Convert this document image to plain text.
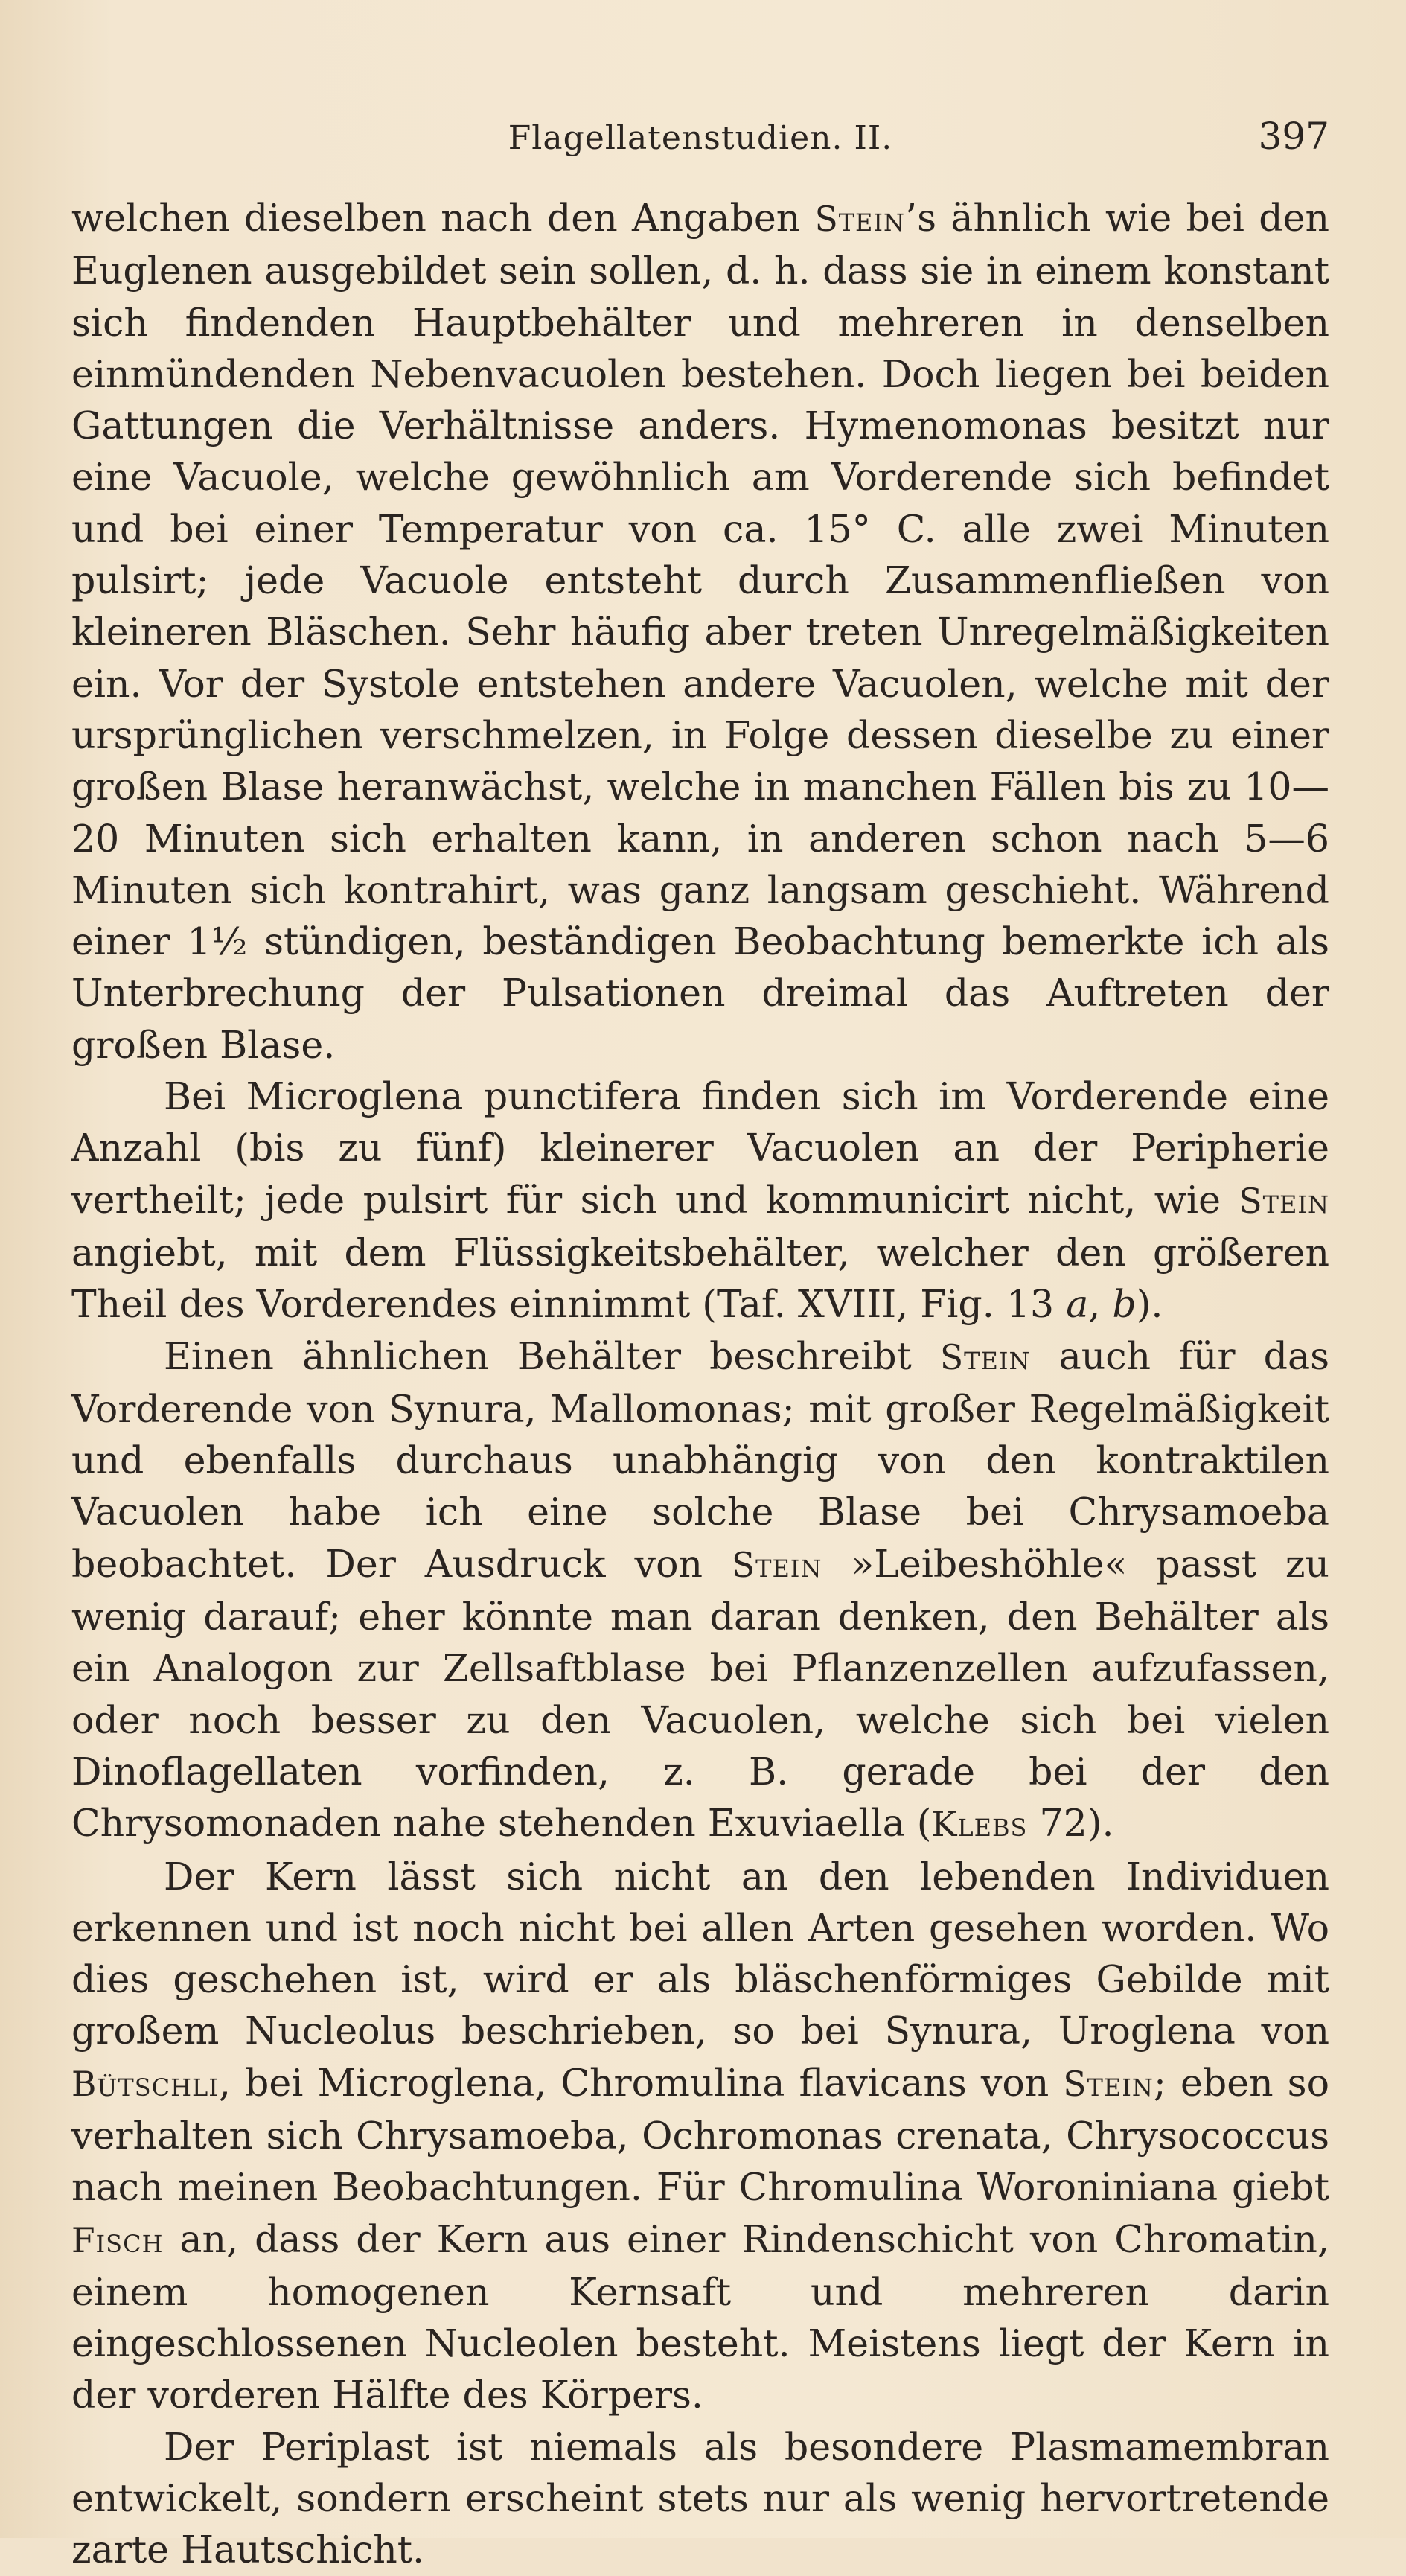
Flagellatenstudien. II.	397

welchen dieselben nach den Angaben Stein’s ähnlich wie bei den Euglenen ausgebildet sein sollen, d. h. dass sie in einem konstant sich findenden Hauptbehälter und mehreren in denselben einmündenden Nebenvacuolen bestehen. Doch liegen bei beiden Gattungen die Verhältnisse anders. Hymenomonas besitzt nur eine Vacuole, welche gewöhnlich am Vorderende sich befindet und bei einer Temperatur von ca. 15° C. alle zwei Minuten pulsirt; jede Vacuole entsteht durch Zusammenfließen von kleineren Bläschen. Sehr häufig aber treten Unregelmäßigkeiten ein. Vor der Systole entstehen andere Vacuolen, welche mit der ursprünglichen verschmelzen, in Folge dessen dieselbe zu einer großen Blase heranwächst, welche in manchen Fällen bis zu 10—20 Minuten sich erhalten kann, in anderen schon nach 5—6 Minuten sich kontrahirt, was ganz langsam geschieht. Während einer 1½ stündigen, beständigen Beobachtung bemerkte ich als Unterbrechung der Pulsationen dreimal das Auftreten der großen Blase.

Bei Microglena punctifera finden sich im Vorderende eine Anzahl (bis zu fünf) kleinerer Vacuolen an der Peripherie vertheilt; jede pulsirt für sich und kommunicirt nicht, wie Stein angiebt, mit dem Flüssigkeitsbehälter, welcher den größeren Theil des Vorderendes einnimmt (Taf. XVIII, Fig. 13 a, b).

Einen ähnlichen Behälter beschreibt Stein auch für das Vorderende von Synura, Mallomonas; mit großer Regelmäßigkeit und ebenfalls durchaus unabhängig von den kontraktilen Vacuolen habe ich eine solche Blase bei Chrysamoeba beobachtet. Der Ausdruck von Stein »Leibeshöhle« passt zu wenig darauf; eher könnte man daran denken, den Behälter als ein Analogon zur Zellsaftblase bei Pflanzenzellen aufzufassen, oder noch besser zu den Vacuolen, welche sich bei vielen Dinoflagellaten vorfinden, z. B. gerade bei der den Chrysomonaden nahe stehenden Exuviaella (Klebs 72).

Der Kern lässt sich nicht an den lebenden Individuen erkennen und ist noch nicht bei allen Arten gesehen worden. Wo dies geschehen ist, wird er als bläschenförmiges Gebilde mit großem Nucleolus beschrieben, so bei Synura, Uroglena von Bütschli, bei Microglena, Chromulina flavicans von Stein; eben so verhalten sich Chrysamoeba, Ochromonas crenata, Chrysococcus nach meinen Beobachtungen. Für Chromulina Woroniniana giebt Fisch an, dass der Kern aus einer Rindenschicht von Chromatin, einem homogenen Kernsaft und mehreren darin eingeschlossenen Nucleolen besteht. Meistens liegt der Kern in der vorderen Hälfte des Körpers.

Der Periplast ist niemals als besondere Plasmamembran entwickelt, sondern erscheint stets nur als wenig hervortretende zarte Hautschicht.
